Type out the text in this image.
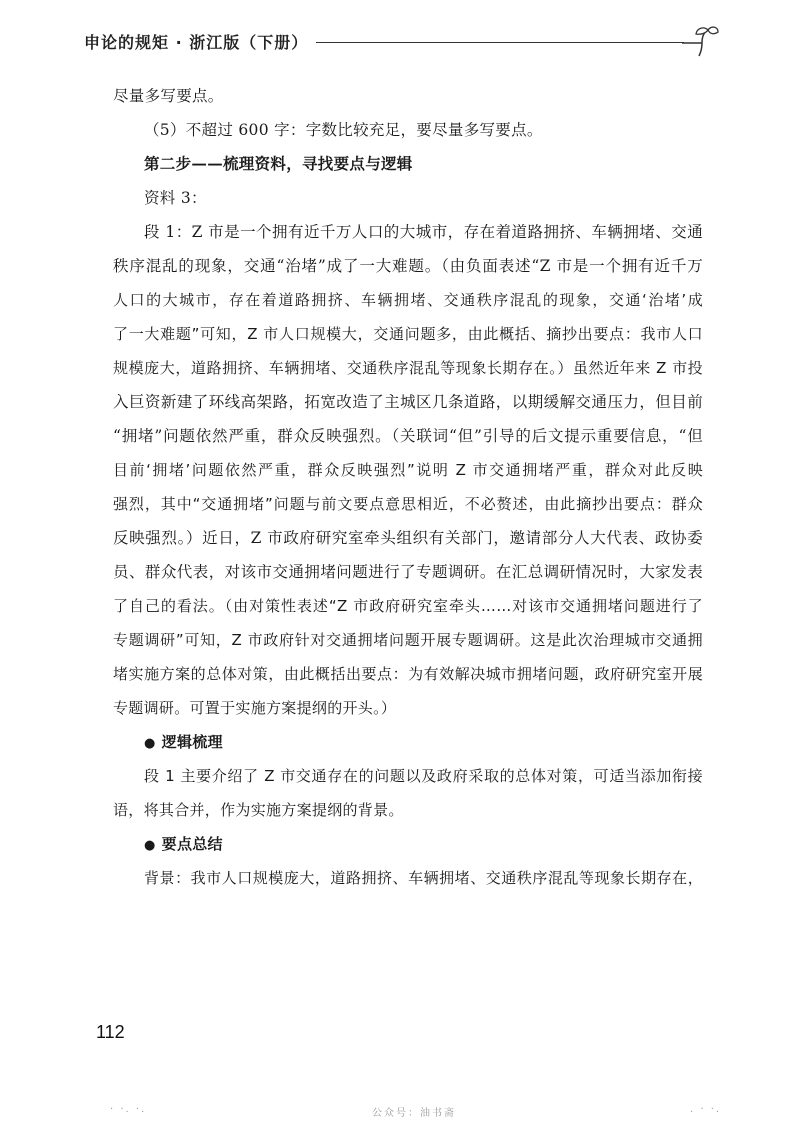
申论的规矩 · 浙江版（下册）
尽量多写要点。
（5）不超过 600 字：字数比较充足，要尽量多写要点。
第二步——梳理资料，寻找要点与逻辑
资料 3：
段 1：Z 市是一个拥有近千万人口的大城市，存在着道路拥挤、车辆拥堵、交通
秩序混乱的现象，交通“治堵”成了一大难题。（由负面表述“Z 市是一个拥有近千万
人口的大城市，存在着道路拥挤、车辆拥堵、交通秩序混乱的现象，交通‘治堵’成
了一大难题”可知，Z 市人口规模大，交通问题多，由此概括、摘抄出要点：我市人口
规模庞大，道路拥挤、车辆拥堵、交通秩序混乱等现象长期存在。）虽然近年来 Z 市投
入巨资新建了环线高架路，拓宽改造了主城区几条道路，以期缓解交通压力，但目前
“拥堵”问题依然严重，群众反映强烈。（关联词“但”引导的后文提示重要信息，“但
目前‘拥堵’问题依然严重，群众反映强烈”说明 Z 市交通拥堵严重，群众对此反映
强烈，其中“交通拥堵”问题与前文要点意思相近，不必赘述，由此摘抄出要点：群众
反映强烈。）近日，Z 市政府研究室牵头组织有关部门，邀请部分人大代表、政协委
员、群众代表，对该市交通拥堵问题进行了专题调研。在汇总调研情况时，大家发表
了自己的看法。（由对策性表述“Z 市政府研究室牵头……对该市交通拥堵问题进行了
专题调研”可知，Z 市政府针对交通拥堵问题开展专题调研。这是此次治理城市交通拥
堵实施方案的总体对策，由此概括出要点：为有效解决城市拥堵问题，政府研究室开展
专题调研。可置于实施方案提纲的开头。）
● 逻辑梳理
段 1 主要介绍了 Z 市交通存在的问题以及政府采取的总体对策，可适当添加衔接
语，将其合并，作为实施方案提纲的背景。
● 要点总结
背景：我市人口规模庞大，道路拥挤、车辆拥堵、交通秩序混乱等现象长期存在，
112
· ·. ·.	公众号：油书斋	. · ·.
